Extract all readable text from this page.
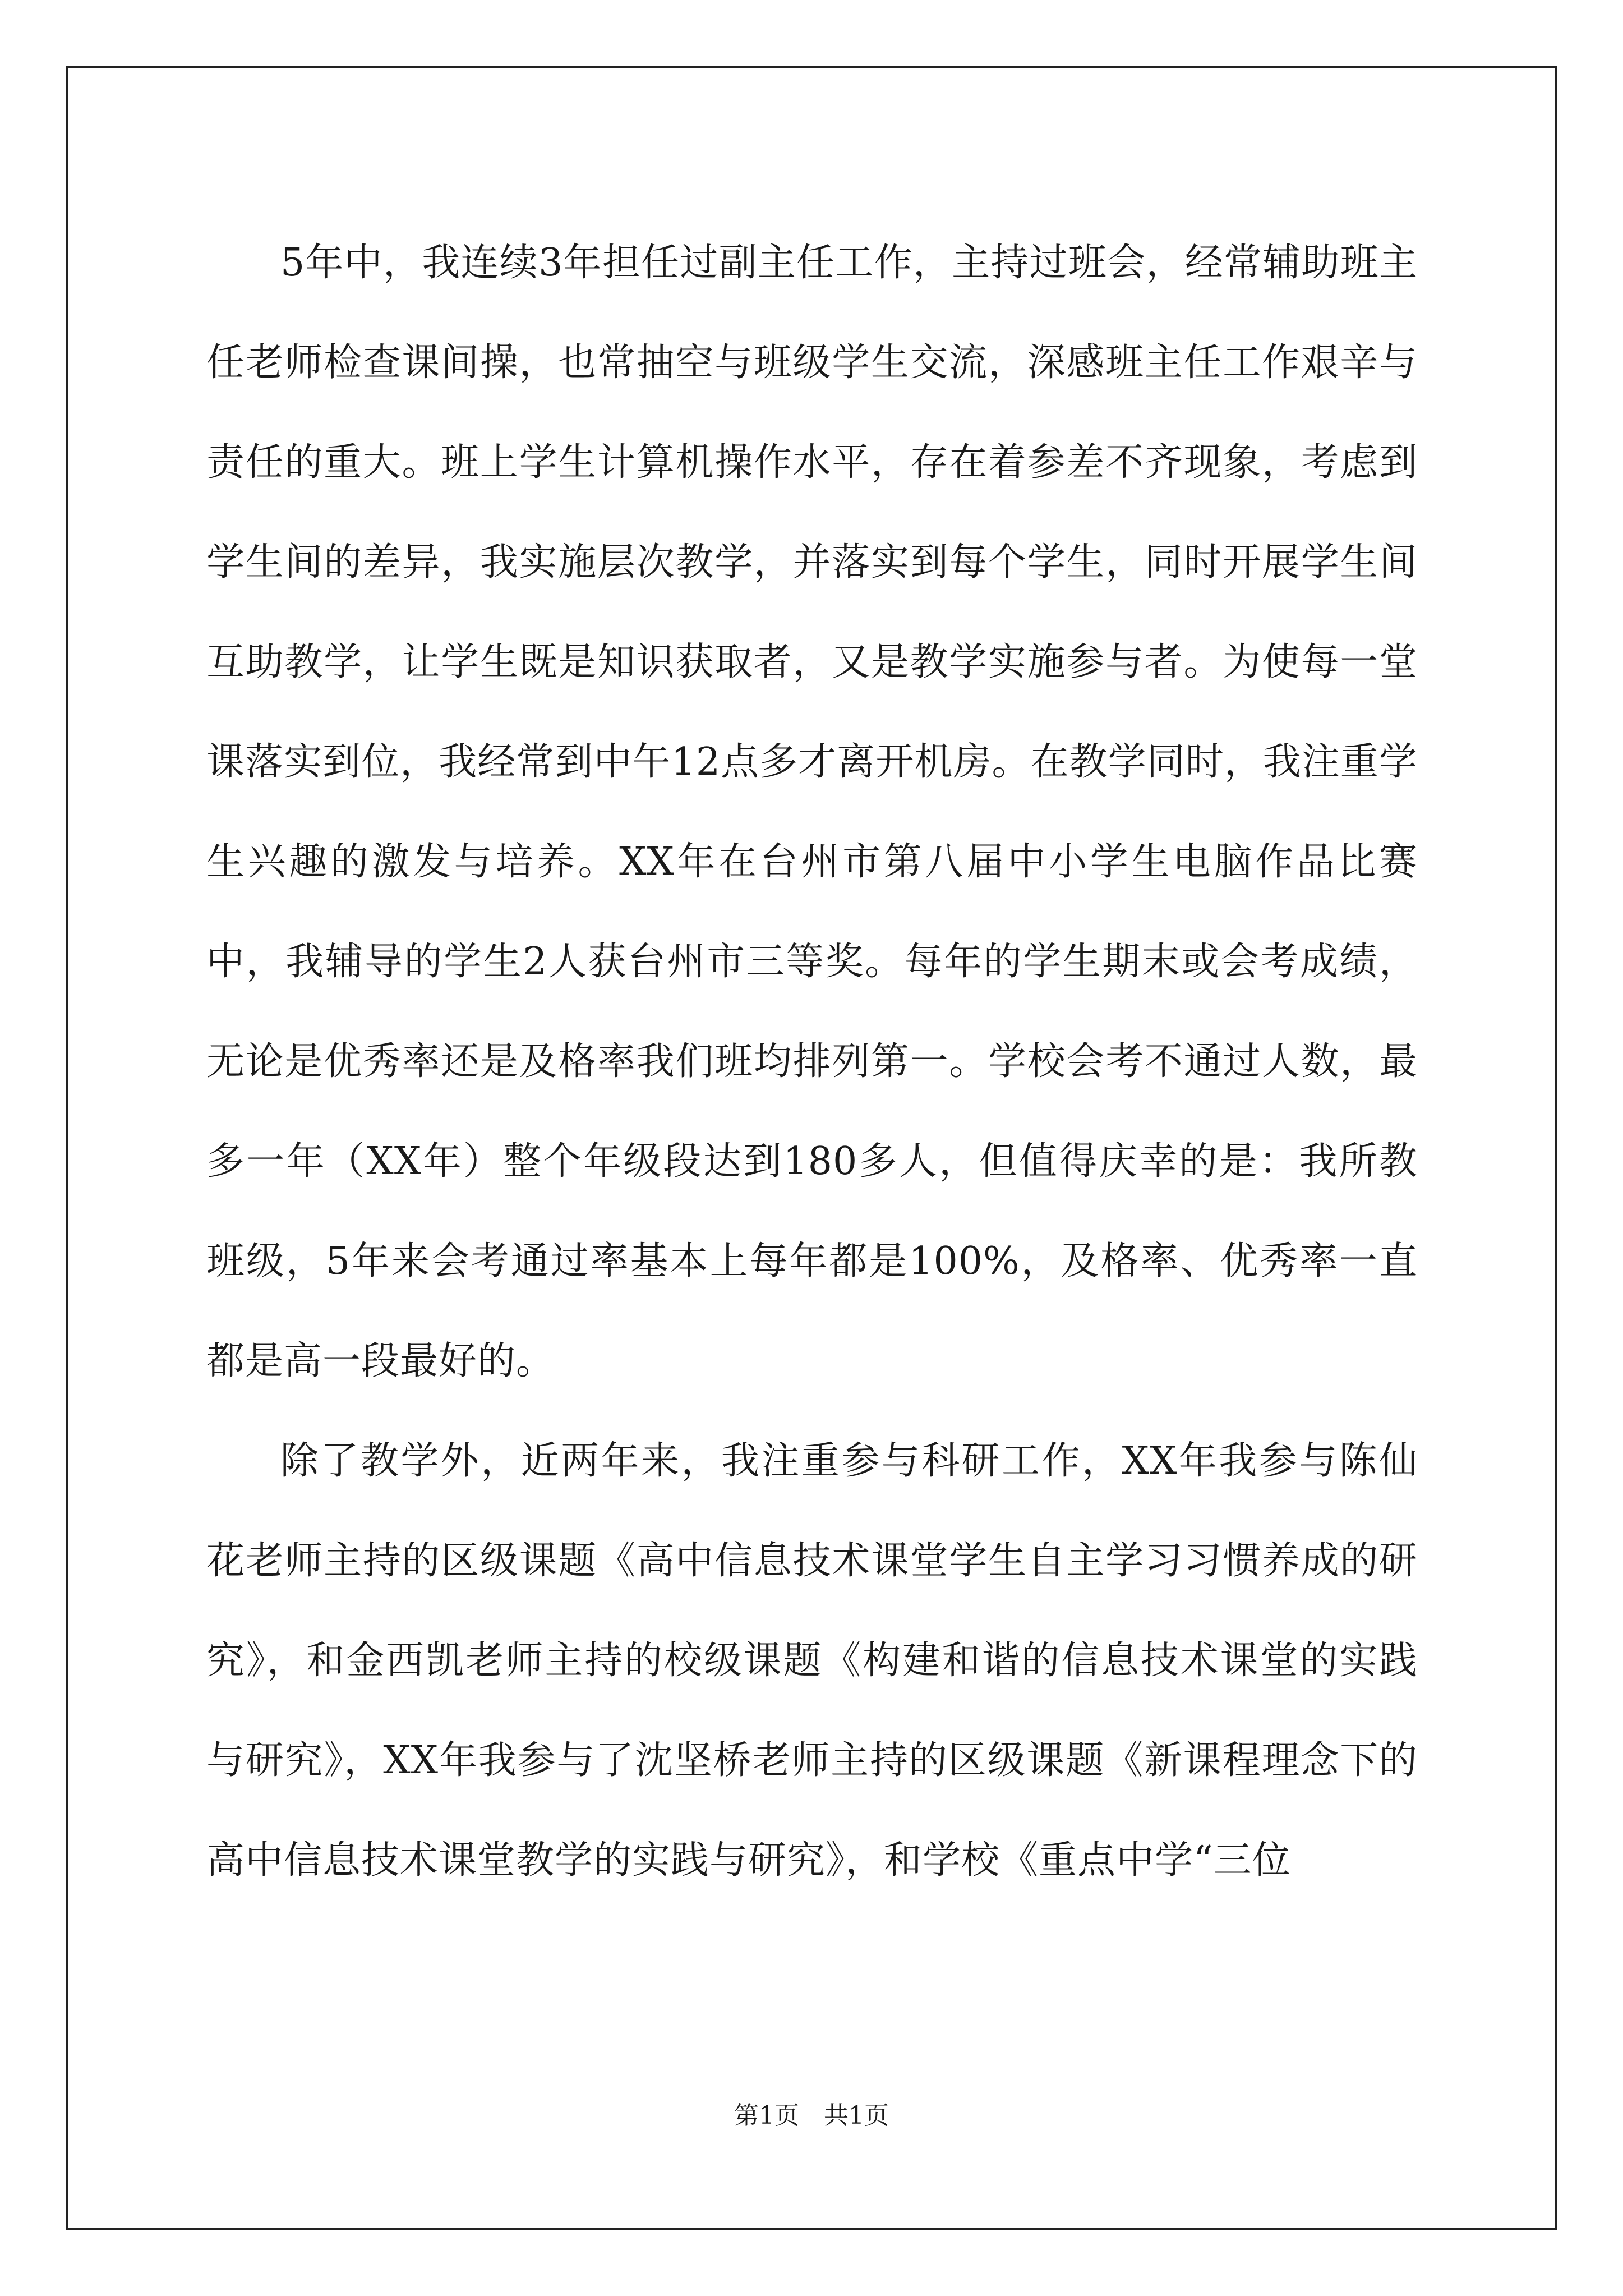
5年中，我连续3年担任过副主任工作，主持过班会，经常辅助班主任老师检查课间操，也常抽空与班级学生交流，深感班主任工作艰辛与责任的重大。班上学生计算机操作水平，存在着参差不齐现象，考虑到学生间的差异，我实施层次教学，并落实到每个学生，同时开展学生间互助教学，让学生既是知识获取者，又是教学实施参与者。为使每一堂课落实到位，我经常到中午12点多才离开机房。在教学同时，我注重学生兴趣的激发与培养。XX年在台州市第八届中小学生电脑作品比赛中，我辅导的学生2人获台州市三等奖。每年的学生期末或会考成绩，无论是优秀率还是及格率我们班均排列第一。学校会考不通过人数，最多一年（XX年）整个年级段达到180多人，但值得庆幸的是：我所教班级，5年来会考通过率基本上每年都是100%，及格率、优秀率一直都是高一段最好的。

除了教学外，近两年来，我注重参与科研工作，XX年我参与陈仙花老师主持的区级课题《高中信息技术课堂学生自主学习习惯养成的研究》，和金西凯老师主持的校级课题《构建和谐的信息技术课堂的实践与研究》，XX年我参与了沈坚桥老师主持的区级课题《新课程理念下的高中信息技术课堂教学的实践与研究》，和学校《重点中学“三位

第1页　共1页
